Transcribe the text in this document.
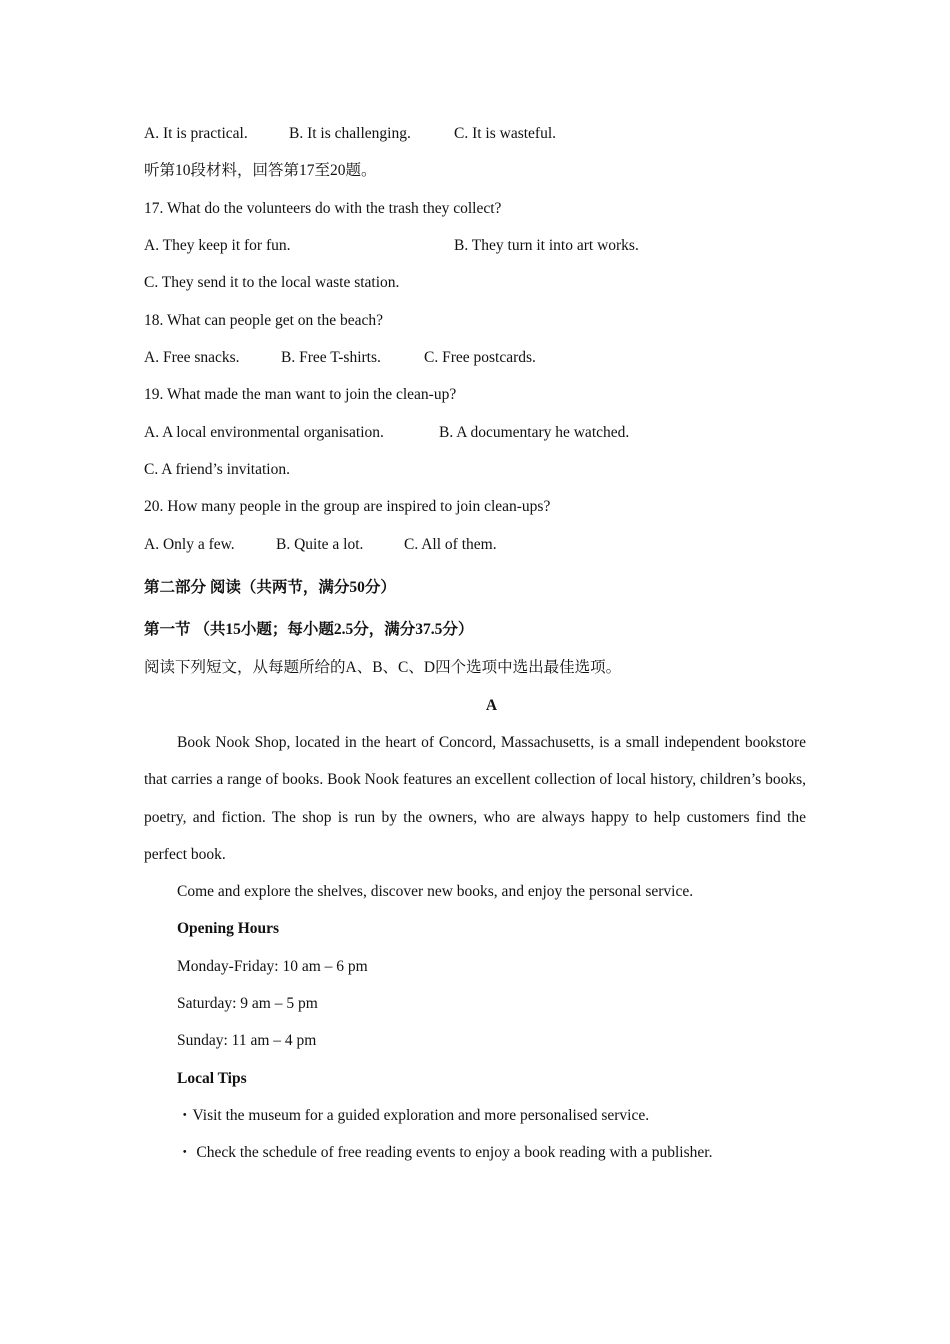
A. It is practical.	B. It is challenging.	C. It is wasteful.
听第10段材料，回答第17至20题。
17. What do the volunteers do with the trash they collect?
A. They keep it for fun.	B. They turn it into art works.
C. They send it to the local waste station.
18. What can people get on the beach?
A. Free snacks.	B. Free T-shirts.	C. Free postcards.
19. What made the man want to join the clean-up?
A. A local environmental organisation.	B. A documentary he watched.
C. A friend’s invitation.
20. How many people in the group are inspired to join clean-ups?
A. Only a few.	B. Quite a lot.	C. All of them.
第二部分 阅读（共两节，满分50分）
第一节 （共15小题；每小题2.5分，满分37.5分）
阅读下列短文，从每题所给的A、B、C、D四个选项中选出最佳选项。
A
Book Nook Shop, located in the heart of Concord, Massachusetts, is a small independent bookstore that carries a range of books. Book Nook features an excellent collection of local history, children’s books, poetry, and fiction. The shop is run by the owners, who are always happy to help customers find the perfect book.
Come and explore the shelves, discover new books, and enjoy the personal service.
Opening Hours
Monday-Friday: 10 am – 6 pm
Saturday: 9 am – 5 pm
Sunday: 11 am – 4 pm
Local Tips
・Visit the museum for a guided exploration and more personalised service.
・ Check the schedule of free reading events to enjoy a book reading with a publisher.
